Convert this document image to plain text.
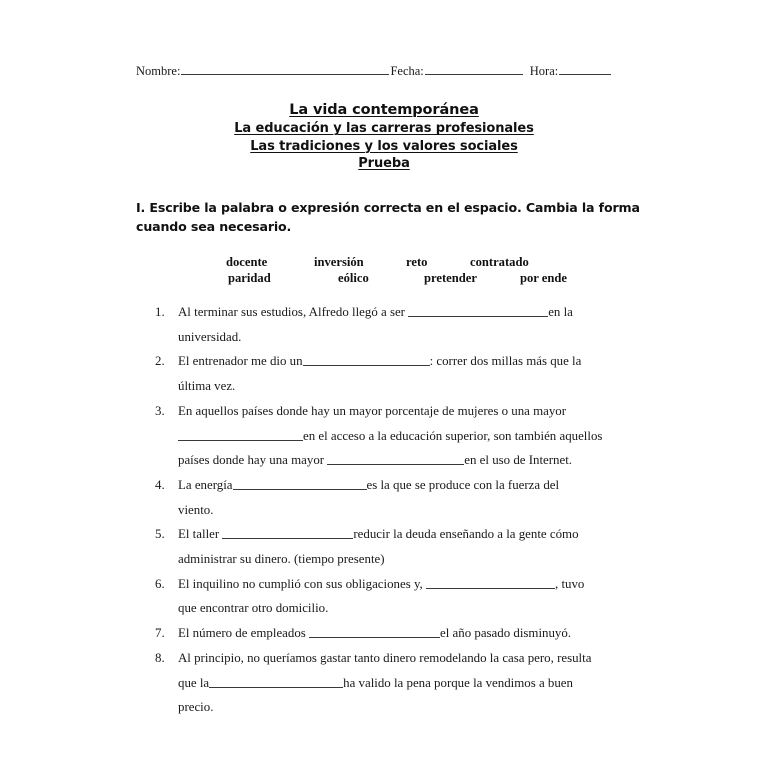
Nombre:	Fecha:	Hora:
La vida contemporánea
La educación y las carreras profesionales
Las tradiciones y los valores sociales
Prueba
I. Escribe la palabra o expresión correcta en el espacio. Cambia la forma cuando sea necesario.
docente	inversión	reto	contratado
paridad	eólico	pretender	por ende
1.	Al terminar sus estudios, Alfredo llegó a ser	en la
universidad.
2.	El entrenador me dio un	: correr dos millas más que la
última vez.
3.	En aquellos países donde hay un mayor porcentaje de mujeres o una mayor
en el acceso a la educación superior, son también aquellos
países donde hay una mayor	en el uso de Internet.
4.	La energía	es la que se produce con la fuerza del
viento.
5.	El taller	reducir la deuda enseñando a la gente cómo
administrar su dinero. (tiempo presente)
6.	El inquilino no cumplió con sus obligaciones y,	, tuvo
que encontrar otro domicilio.
7.	El número de empleados	el año pasado disminuyó.
8.	Al principio, no queríamos gastar tanto dinero remodelando la casa pero, resulta
que la	ha valido la pena porque la vendimos a buen
precio.
